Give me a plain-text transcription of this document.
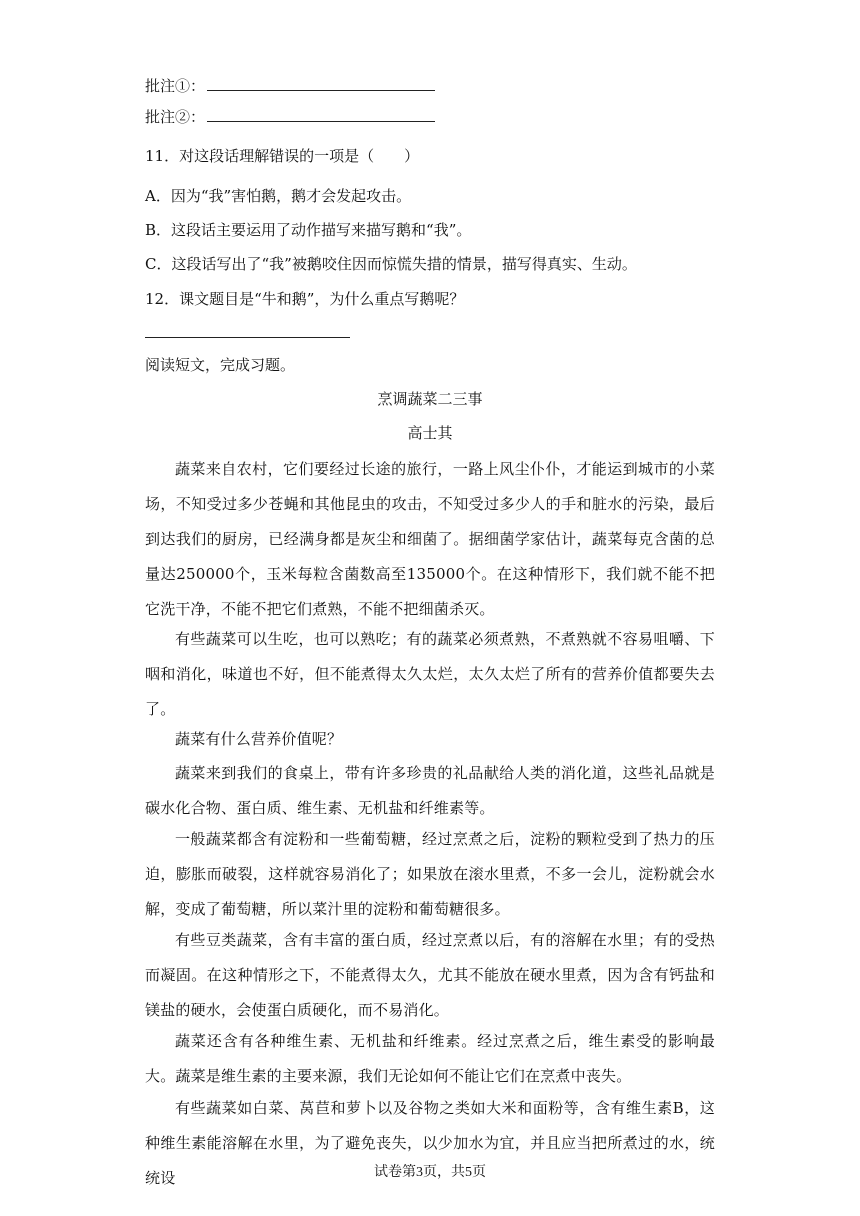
批注①：
批注②：
11．对这段话理解错误的一项是（　　）
A．因为“我”害怕鹅，鹅才会发起攻击。
B．这段话主要运用了动作描写来描写鹅和“我”。
C．这段话写出了“我”被鹅咬住因而惊慌失措的情景，描写得真实、生动。
12．课文题目是“牛和鹅”，为什么重点写鹅呢？
阅读短文，完成习题。
烹调蔬菜二三事
高士其
蔬菜来自农村，它们要经过长途的旅行，一路上风尘仆仆，才能运到城市的小菜场，不知受过多少苍蝇和其他昆虫的攻击，不知受过多少人的手和脏水的污染，最后到达我们的厨房，已经满身都是灰尘和细菌了。据细菌学家估计，蔬菜每克含菌的总量达250000个，玉米每粒含菌数高至135000个。在这种情形下，我们就不能不把它洗干净，不能不把它们煮熟，不能不把细菌杀灭。
有些蔬菜可以生吃，也可以熟吃；有的蔬菜必须煮熟，不煮熟就不容易咀嚼、下咽和消化，味道也不好，但不能煮得太久太烂，太久太烂了所有的营养价值都要失去了。
蔬菜有什么营养价值呢？
蔬菜来到我们的食桌上，带有许多珍贵的礼品献给人类的消化道，这些礼品就是碳水化合物、蛋白质、维生素、无机盐和纤维素等。
一般蔬菜都含有淀粉和一些葡萄糖，经过烹煮之后，淀粉的颗粒受到了热力的压迫，膨胀而破裂，这样就容易消化了；如果放在滚水里煮，不多一会儿，淀粉就会水解，变成了葡萄糖，所以菜汁里的淀粉和葡萄糖很多。
有些豆类蔬菜，含有丰富的蛋白质，经过烹煮以后，有的溶解在水里；有的受热而凝固。在这种情形之下，不能煮得太久，尤其不能放在硬水里煮，因为含有钙盐和镁盐的硬水，会使蛋白质硬化，而不易消化。
蔬菜还含有各种维生素、无机盐和纤维素。经过烹煮之后，维生素受的影响最大。蔬菜是维生素的主要来源，我们无论如何不能让它们在烹煮中丧失。
有些蔬菜如白菜、莴苣和萝卜以及谷物之类如大米和面粉等，含有维生素B，这种维生素能溶解在水里，为了避免丧失，以少加水为宜，并且应当把所煮过的水，统统设	试卷第3页，共5页
